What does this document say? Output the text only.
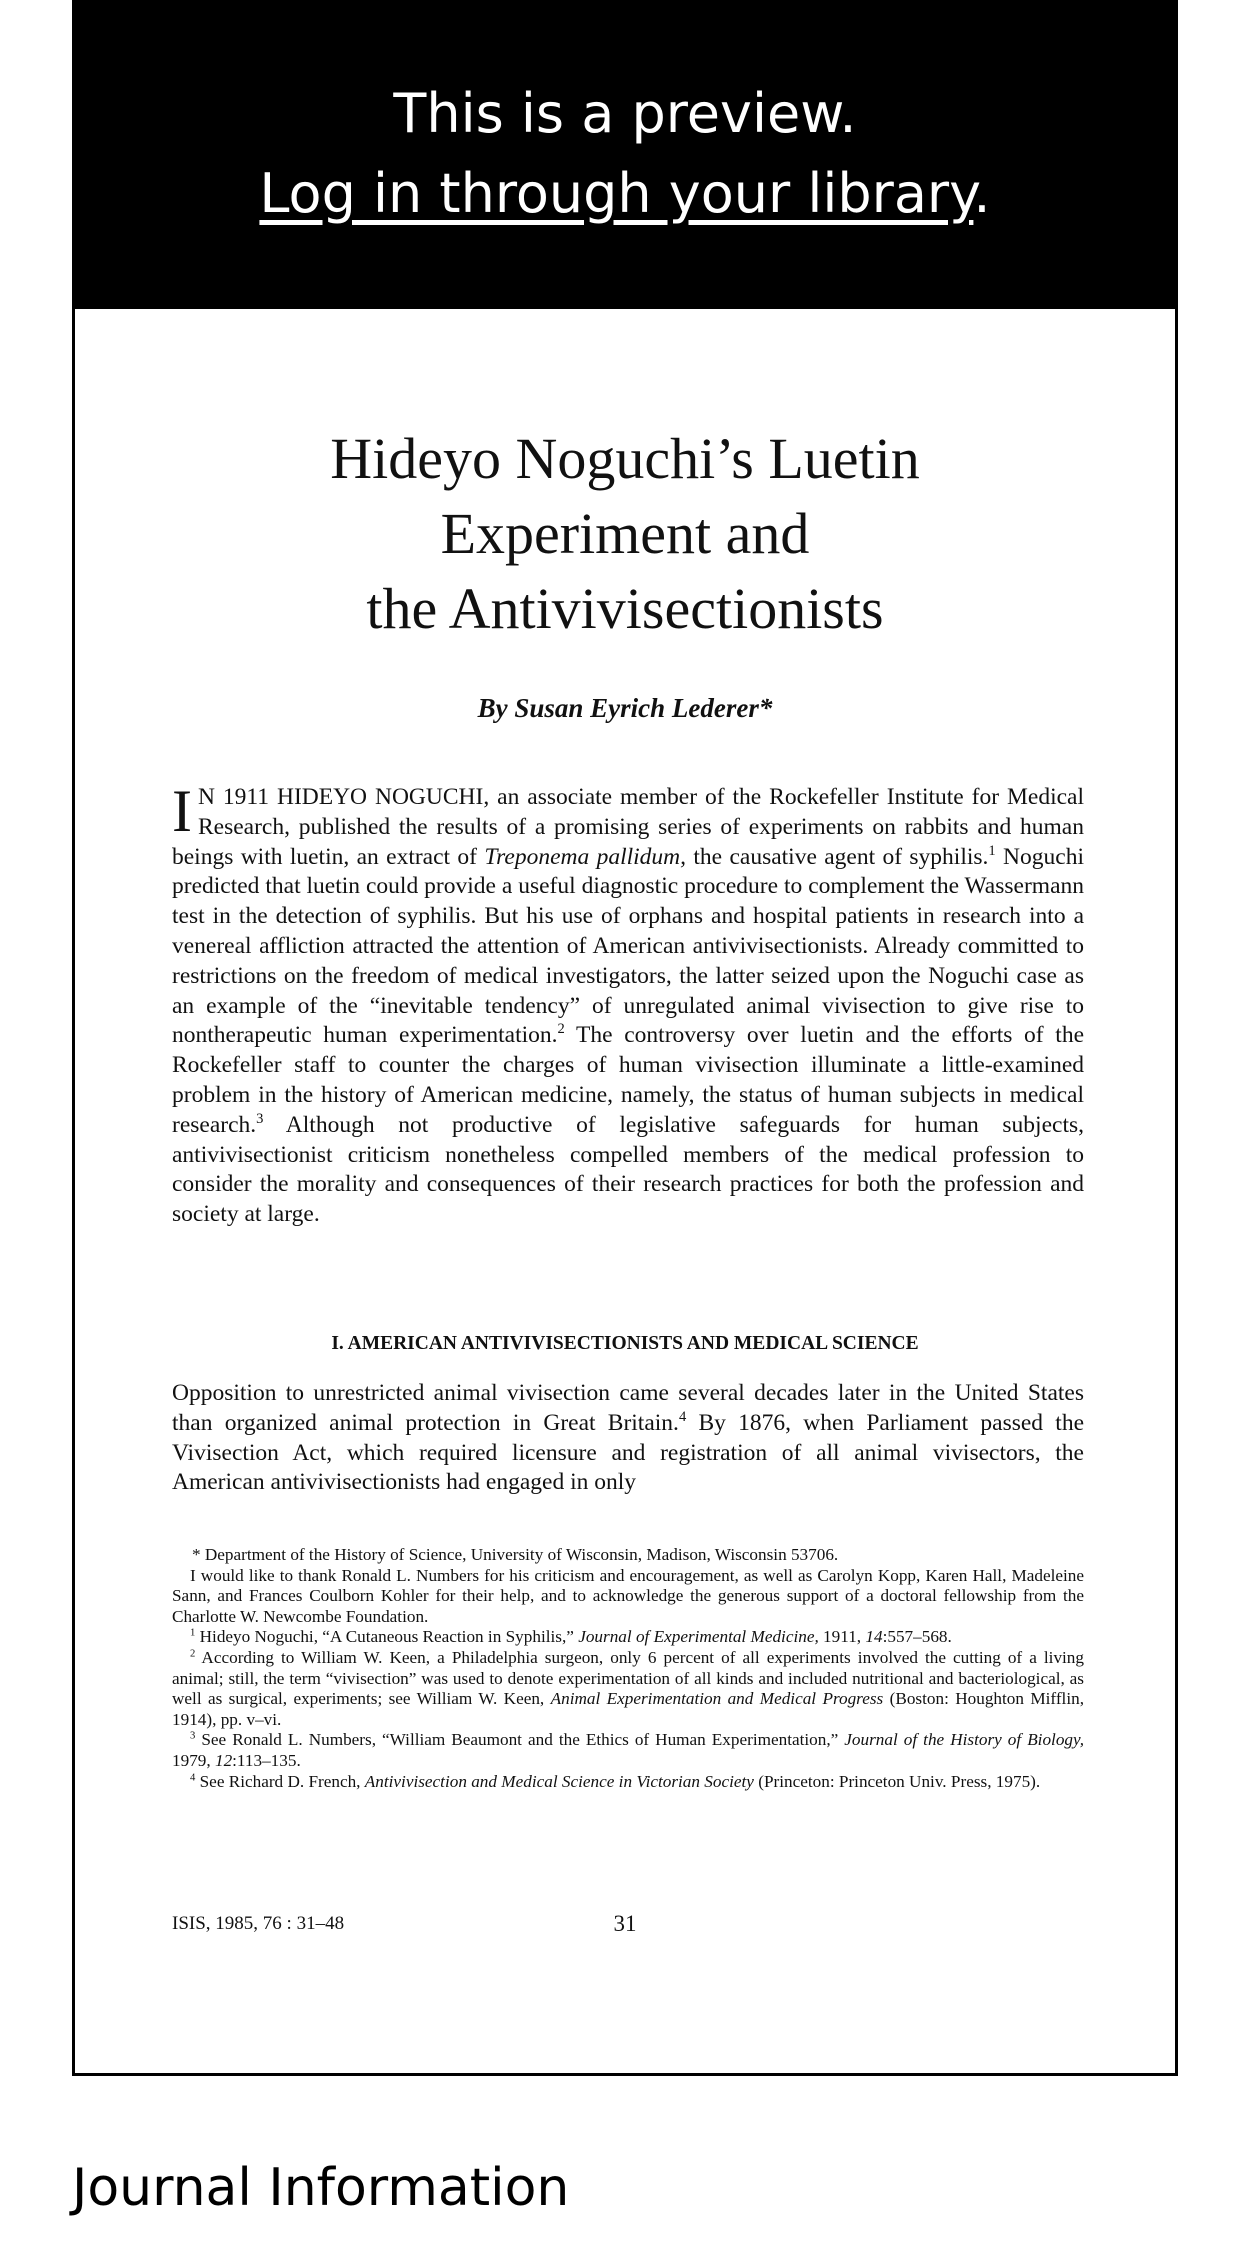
This is a preview.
Log in through your library.
Hideyo Noguchi’s Luetin
Experiment and
the Antivivisectionists
By Susan Eyrich Lederer*
I N 1911 HIDEYO NOGUCHI, an associate member of the Rockefeller Institute for Medical Research, published the results of a promising series of experiments on rabbits and human beings with luetin, an extract of Treponema pallidum, the causative agent of syphilis.$^1$ Noguchi predicted that luetin could provide a useful diagnostic procedure to complement the Wassermann test in the detection of syphilis. But his use of orphans and hospital patients in research into a venereal affliction attracted the attention of American antivivisectionists. Already committed to restrictions on the freedom of medical investigators, the latter seized upon the Noguchi case as an example of the “inevitable tendency” of unregulated animal vivisection to give rise to nontherapeutic human experimentation.$^2$ The controversy over luetin and the efforts of the Rockefeller staff to counter the charges of human vivisection illuminate a little-examined problem in the history of American medicine, namely, the status of human subjects in medical research.$^3$ Although not productive of legislative safeguards for human subjects, antivivisectionist criticism nonetheless compelled members of the medical profession to consider the morality and consequences of their research practices for both the profession and society at large.
I. AMERICAN ANTIVIVISECTIONISTS AND MEDICAL SCIENCE
Opposition to unrestricted animal vivisection came several decades later in the United States than organized animal protection in Great Britain.$^4$ By 1876, when Parliament passed the Vivisection Act, which required licensure and registration of all animal vivisectors, the American antivivisectionists had engaged in only

* Department of the History of Science, University of Wisconsin, Madison, Wisconsin 53706.

I would like to thank Ronald L. Numbers for his criticism and encouragement, as well as Carolyn Kopp, Karen Hall, Madeleine Sann, and Frances Coulborn Kohler for their help, and to acknowledge the generous support of a doctoral fellowship from the Charlotte W. Newcombe Foundation.

$^1$ Hideyo Noguchi, “A Cutaneous Reaction in Syphilis,” Journal of Experimental Medicine, 1911, 14:557–568.

$^2$ According to William W. Keen, a Philadelphia surgeon, only 6 percent of all experiments involved the cutting of a living animal; still, the term “vivisection” was used to denote experimentation of all kinds and included nutritional and bacteriological, as well as surgical, experiments; see William W. Keen, Animal Experimentation and Medical Progress (Boston: Houghton Mifflin, 1914), pp. v–vi.

$^3$ See Ronald L. Numbers, “William Beaumont and the Ethics of Human Experimentation,” Journal of the History of Biology, 1979, 12:113–135.

$^4$ See Richard D. French, Antivivisection and Medical Science in Victorian Society (Princeton: Princeton Univ. Press, 1975).

ISIS, 1985, 76 : 31–48	31
Journal Information
